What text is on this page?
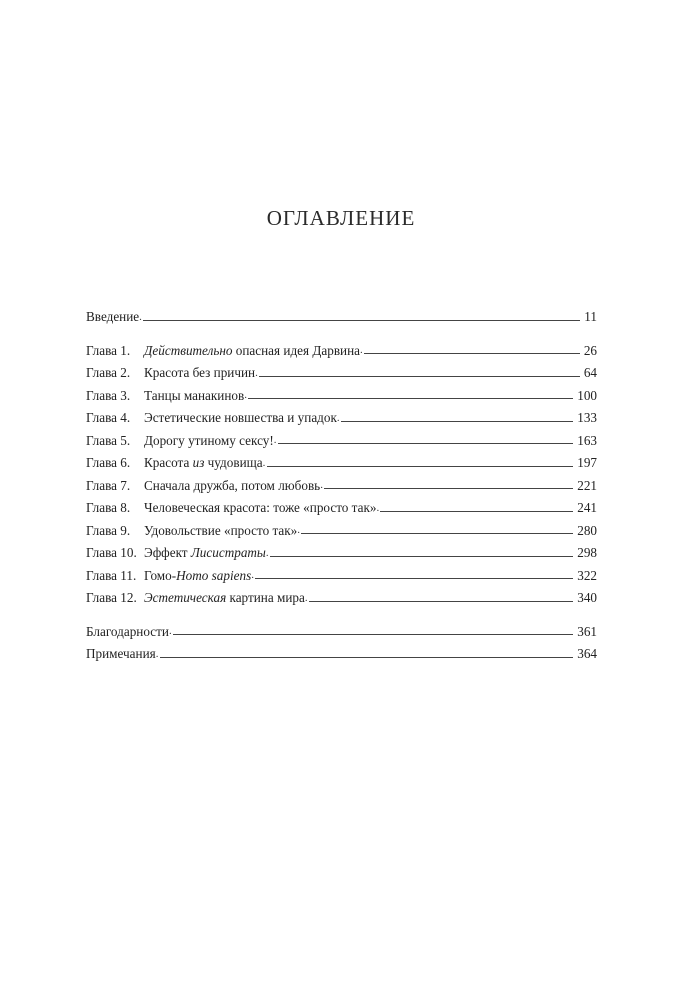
ОГЛАВЛЕНИЕ
Введение .	11
Глава 1.	Действительно опасная идея Дарвина .	26
Глава 2.	Красота без причин .	64
Глава 3.	Танцы манакинов .	100
Глава 4.	Эстетические новшества и упадок .	133
Глава 5.	Дорогу утиному сексу! .	163
Глава 6.	Красота из чудовища .	197
Глава 7.	Сначала дружба, потом любовь .	221
Глава 8.	Человеческая красота: тоже «просто так» .	241
Глава 9.	Удовольствие «просто так» .	280
Глава 10. Эффект Лисистраты .	298
Глава 11. Гомо-Homo sapiens .	322
Глава 12. Эстетическая картина мира .	340
Благодарности .	361
Примечания .	364
